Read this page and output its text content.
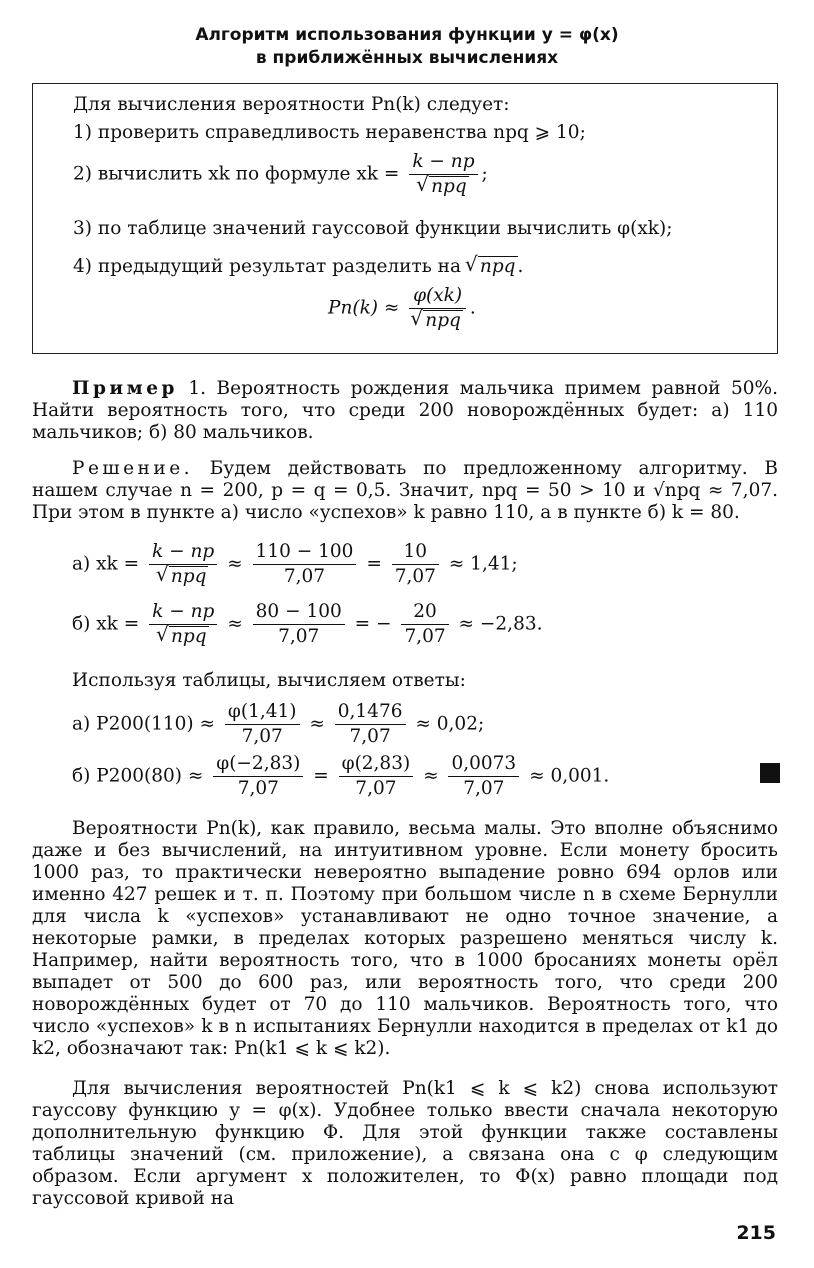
Алгоритм использования функции y = φ(x)
в приближённых вычислениях
Для вычисления вероятности Pn(k) следует:
1) проверить справедливость неравенства npq ⩾ 10;
2) вычислить xk по формуле xk = k − np
√ npq ;
3) по таблице значений гауссовой функции вычислить φ(xk);
4) предыдущий результат разделить на √ npq .
Pn(k) ≈ φ(xk)
√ npq .
Пример 1. Вероятность рождения мальчика примем равной 50%. Найти вероятность того, что среди 200 новорождённых будет: а) 110 мальчиков; б) 80 мальчиков.
Решение. Будем действовать по предложенному алгоритму. В нашем случае n = 200, p = q = 0,5. Значит, npq = 50 > 10 и √npq ≈ 7,07. При этом в пункте а) число «успехов» k равно 110, а в пункте б) k = 80.
а) xk = k − np
√ npq ≈ $\frac{110 - 100}{7,07} = \frac{10}{7,07} \approx 1,41$;
б) xk = k − np
√ npq ≈ $\frac{80 - 100}{7,07}$ = − $\frac{20}{7,07} \approx -2,83$.
Используя таблицы, вычисляем ответы:
а) $P200(110) \approx \frac{\varphi(1,41)}{7,07} \approx \frac{0,1476}{7,07} \approx 0,02$;
б) $P200(80) \approx \frac{\varphi(-2,83)}{7,07} = \frac{\varphi(2,83)}{7,07} \approx \frac{0,0073}{7,07} \approx 0,001$.
Вероятности Pn(k), как правило, весьма малы. Это вполне объяснимо даже и без вычислений, на интуитивном уровне. Если монету бросить 1000 раз, то практически невероятно выпадение ровно 694 орлов или именно 427 решек и т. п. Поэтому при большом числе n в схеме Бернулли для числа k «успехов» устанавливают не одно точное значение, а некоторые рамки, в пределах которых разрешено меняться числу k. Например, найти вероятность того, что в 1000 бросаниях монеты орёл выпадет от 500 до 600 раз, или вероятность того, что среди 200 новорождённых будет от 70 до 110 мальчиков. Вероятность того, что число «успехов» k в n испытаниях Бернулли находится в пределах от k1 до k2, обозначают так: Pn(k1 ⩽ k ⩽ k2).
Для вычисления вероятностей Pn(k1 ⩽ k ⩽ k2) снова используют гауссову функцию y = φ(x). Удобнее только ввести сначала некоторую дополнительную функцию Φ. Для этой функции также составлены таблицы значений (см. приложение), а связана она с φ следующим образом. Если аргумент x положителен, то Φ(x) равно площади под гауссовой кривой на
215
